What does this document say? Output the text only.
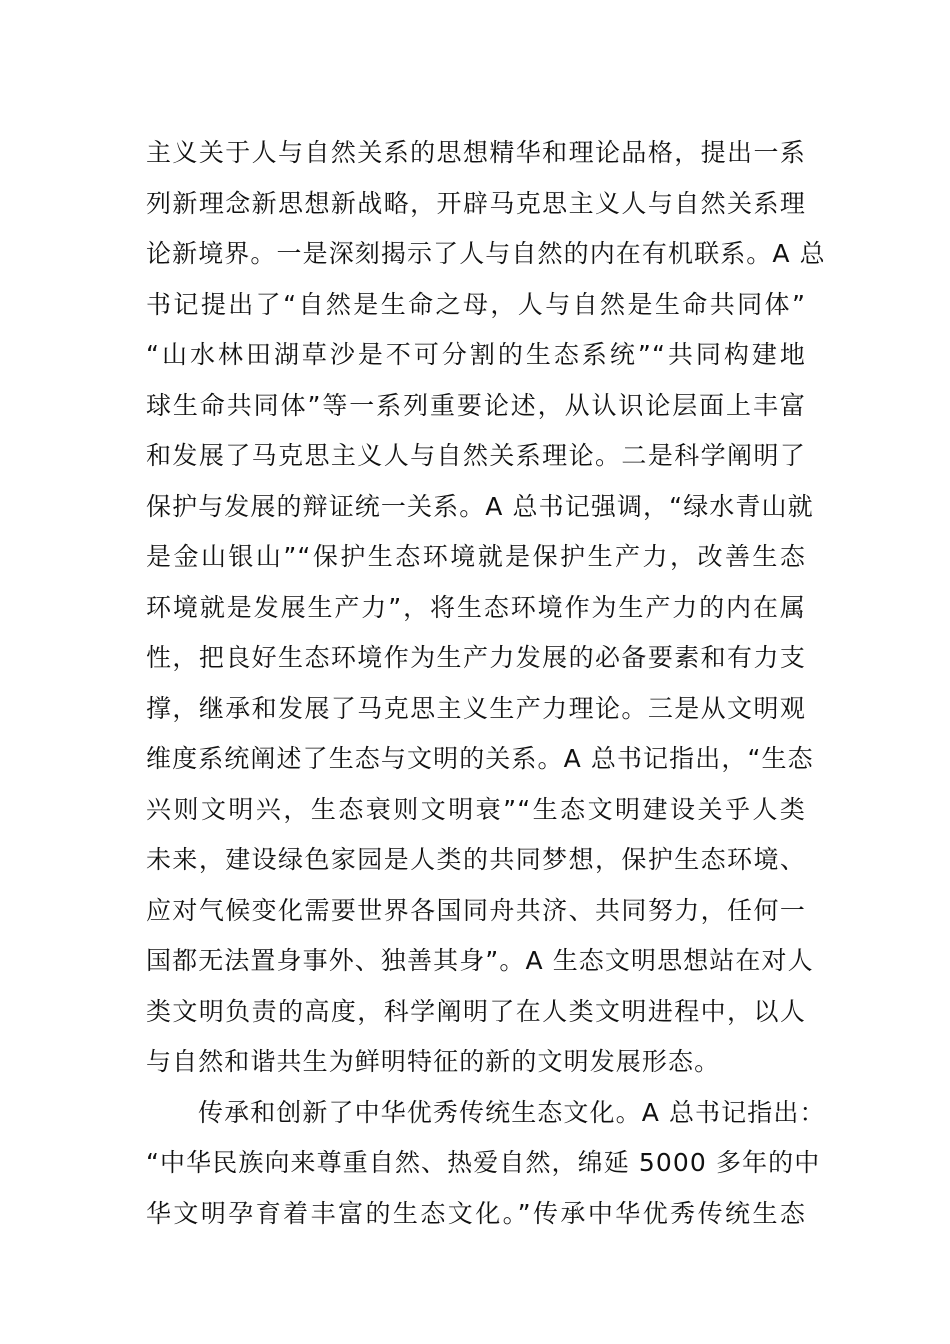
主义关于人与自然关系的思想精华和理论品格，提出一系
列新理念新思想新战略，开辟马克思主义人与自然关系理
论新境界。一是深刻揭示了人与自然的内在有机联系。A 总
书记提出了“自然是生命之母，人与自然是生命共同体”
“山水林田湖草沙是不可分割的生态系统”“共同构建地
球生命共同体”等一系列重要论述，从认识论层面上丰富
和发展了马克思主义人与自然关系理论。二是科学阐明了
保护与发展的辩证统一关系。A 总书记强调，“绿水青山就
是金山银山”“保护生态环境就是保护生产力，改善生态
环境就是发展生产力”，将生态环境作为生产力的内在属
性，把良好生态环境作为生产力发展的必备要素和有力支
撑，继承和发展了马克思主义生产力理论。三是从文明观
维度系统阐述了生态与文明的关系。A 总书记指出，“生态
兴则文明兴，生态衰则文明衰”“生态文明建设关乎人类
未来，建设绿色家园是人类的共同梦想，保护生态环境、
应对气候变化需要世界各国同舟共济、共同努力，任何一
国都无法置身事外、独善其身”。A 生态文明思想站在对人
类文明负责的高度，科学阐明了在人类文明进程中，以人
与自然和谐共生为鲜明特征的新的文明发展形态。
传承和创新了中华优秀传统生态文化。A 总书记指出：
“中华民族向来尊重自然、热爱自然，绵延 5000 多年的中
华文明孕育着丰富的生态文化。”传承中华优秀传统生态
